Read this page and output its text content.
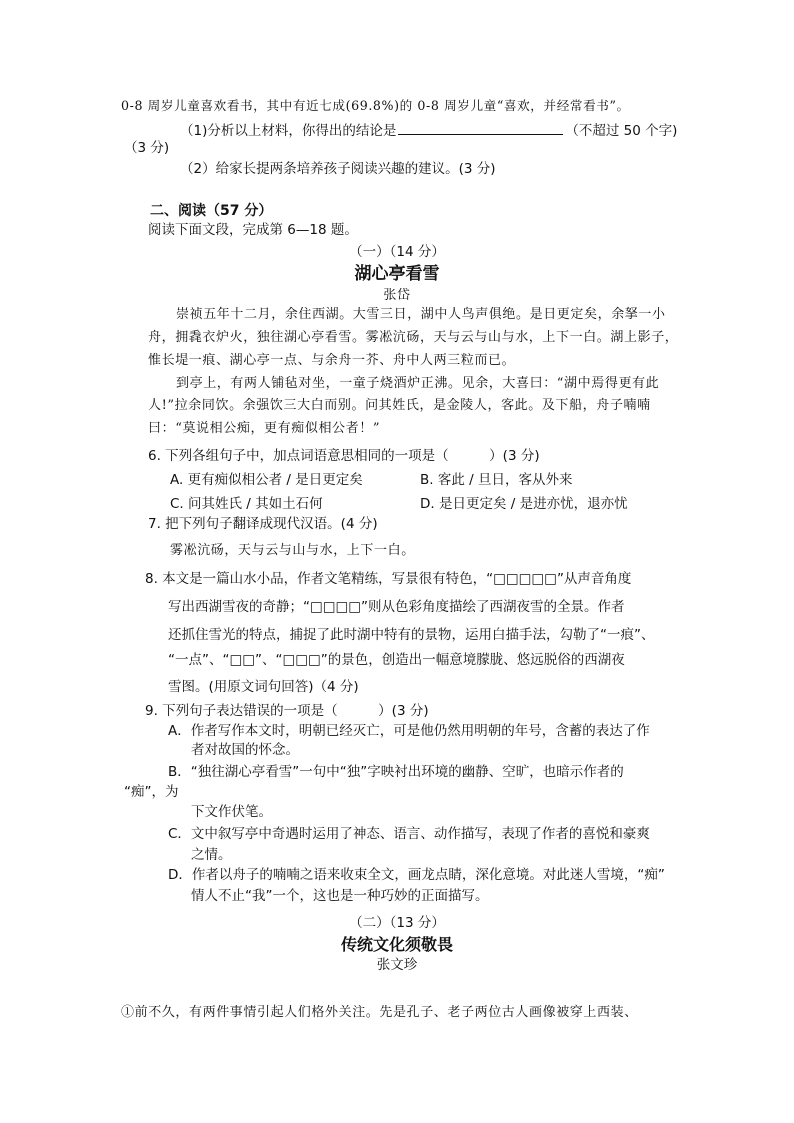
0-8 周岁儿童喜欢看书，其中有近七成(69.8%)的 0-8 周岁儿童“喜欢，并经常看书”。
（1)分析以上材料，你得出的结论是	（不超过 50 个字)
（3 分)
（2）给家长提两条培养孩子阅读兴趣的建议。(3 分)
二、阅读（57 分）
阅读下面文段，完成第 6—18 题。
（一）（14 分）
湖心亭看雪
张岱
崇祯五年十二月，余住西湖。大雪三日，湖中人鸟声俱绝。是日更定矣，余拏一小
舟，拥毳衣炉火，独往湖心亭看雪。雾凇沆砀，天与云与山与水，上下一白。湖上影子，
惟长堤一痕、湖心亭一点、与余舟一芥、舟中人两三粒而已。
到亭上，有两人铺毡对坐，一童子烧酒炉正沸。见余，大喜曰：“湖中焉得更有此
人!”拉余同饮。余强饮三大白而别。问其姓氏，是金陵人，客此。及下船，舟子喃喃
曰：“莫说相公痴，更有痴似相公者！”
6. 下列各组句子中，加点词语意思相同的一项是（　　　）(3 分)
A. 更有痴似相公者 / 是日更定矣	B. 客此 / 旦日，客从外来
C. 问其姓氏 / 其如土石何	D. 是日更定矣 / 是进亦忧，退亦忧
7. 把下列句子翻译成现代汉语。(4 分)
雾凇沆砀，天与云与山与水，上下一白。
8. 本文是一篇山水小品，作者文笔精练，写景很有特色，“□□□□□”从声音角度
写出西湖雪夜的奇静；“□□□□”则从色彩角度描绘了西湖夜雪的全景。作者
还抓住雪光的特点，捕捉了此时湖中特有的景物，运用白描手法，勾勒了“一痕”、
“一点”、“□□”、“□□□”的景色，创造出一幅意境朦胧、悠远脱俗的西湖夜
雪图。(用原文词句回答)（4 分)
9. 下列句子表达错误的一项是（　　　）(3 分)
A．作者写作本文时，明朝已经灭亡，可是他仍然用明朝的年号，含蓄的表达了作
者对故国的怀念。
B．“独往湖心亭看雪”一句中“独”字映衬出环境的幽静、空旷，也暗示作者的
“痴”，为
下文作伏笔。
C．文中叙写亭中奇遇时运用了神态、语言、动作描写，表现了作者的喜悦和豪爽
之情。
D．作者以舟子的喃喃之语来收束全文，画龙点睛，深化意境。对此迷人雪境，“痴”
情人不止“我”一个，这也是一种巧妙的正面描写。
（二）（13 分）
传统文化须敬畏
张文珍
①前不久，有两件事情引起人们格外关注。先是孔子、老子两位古人画像被穿上西装、
